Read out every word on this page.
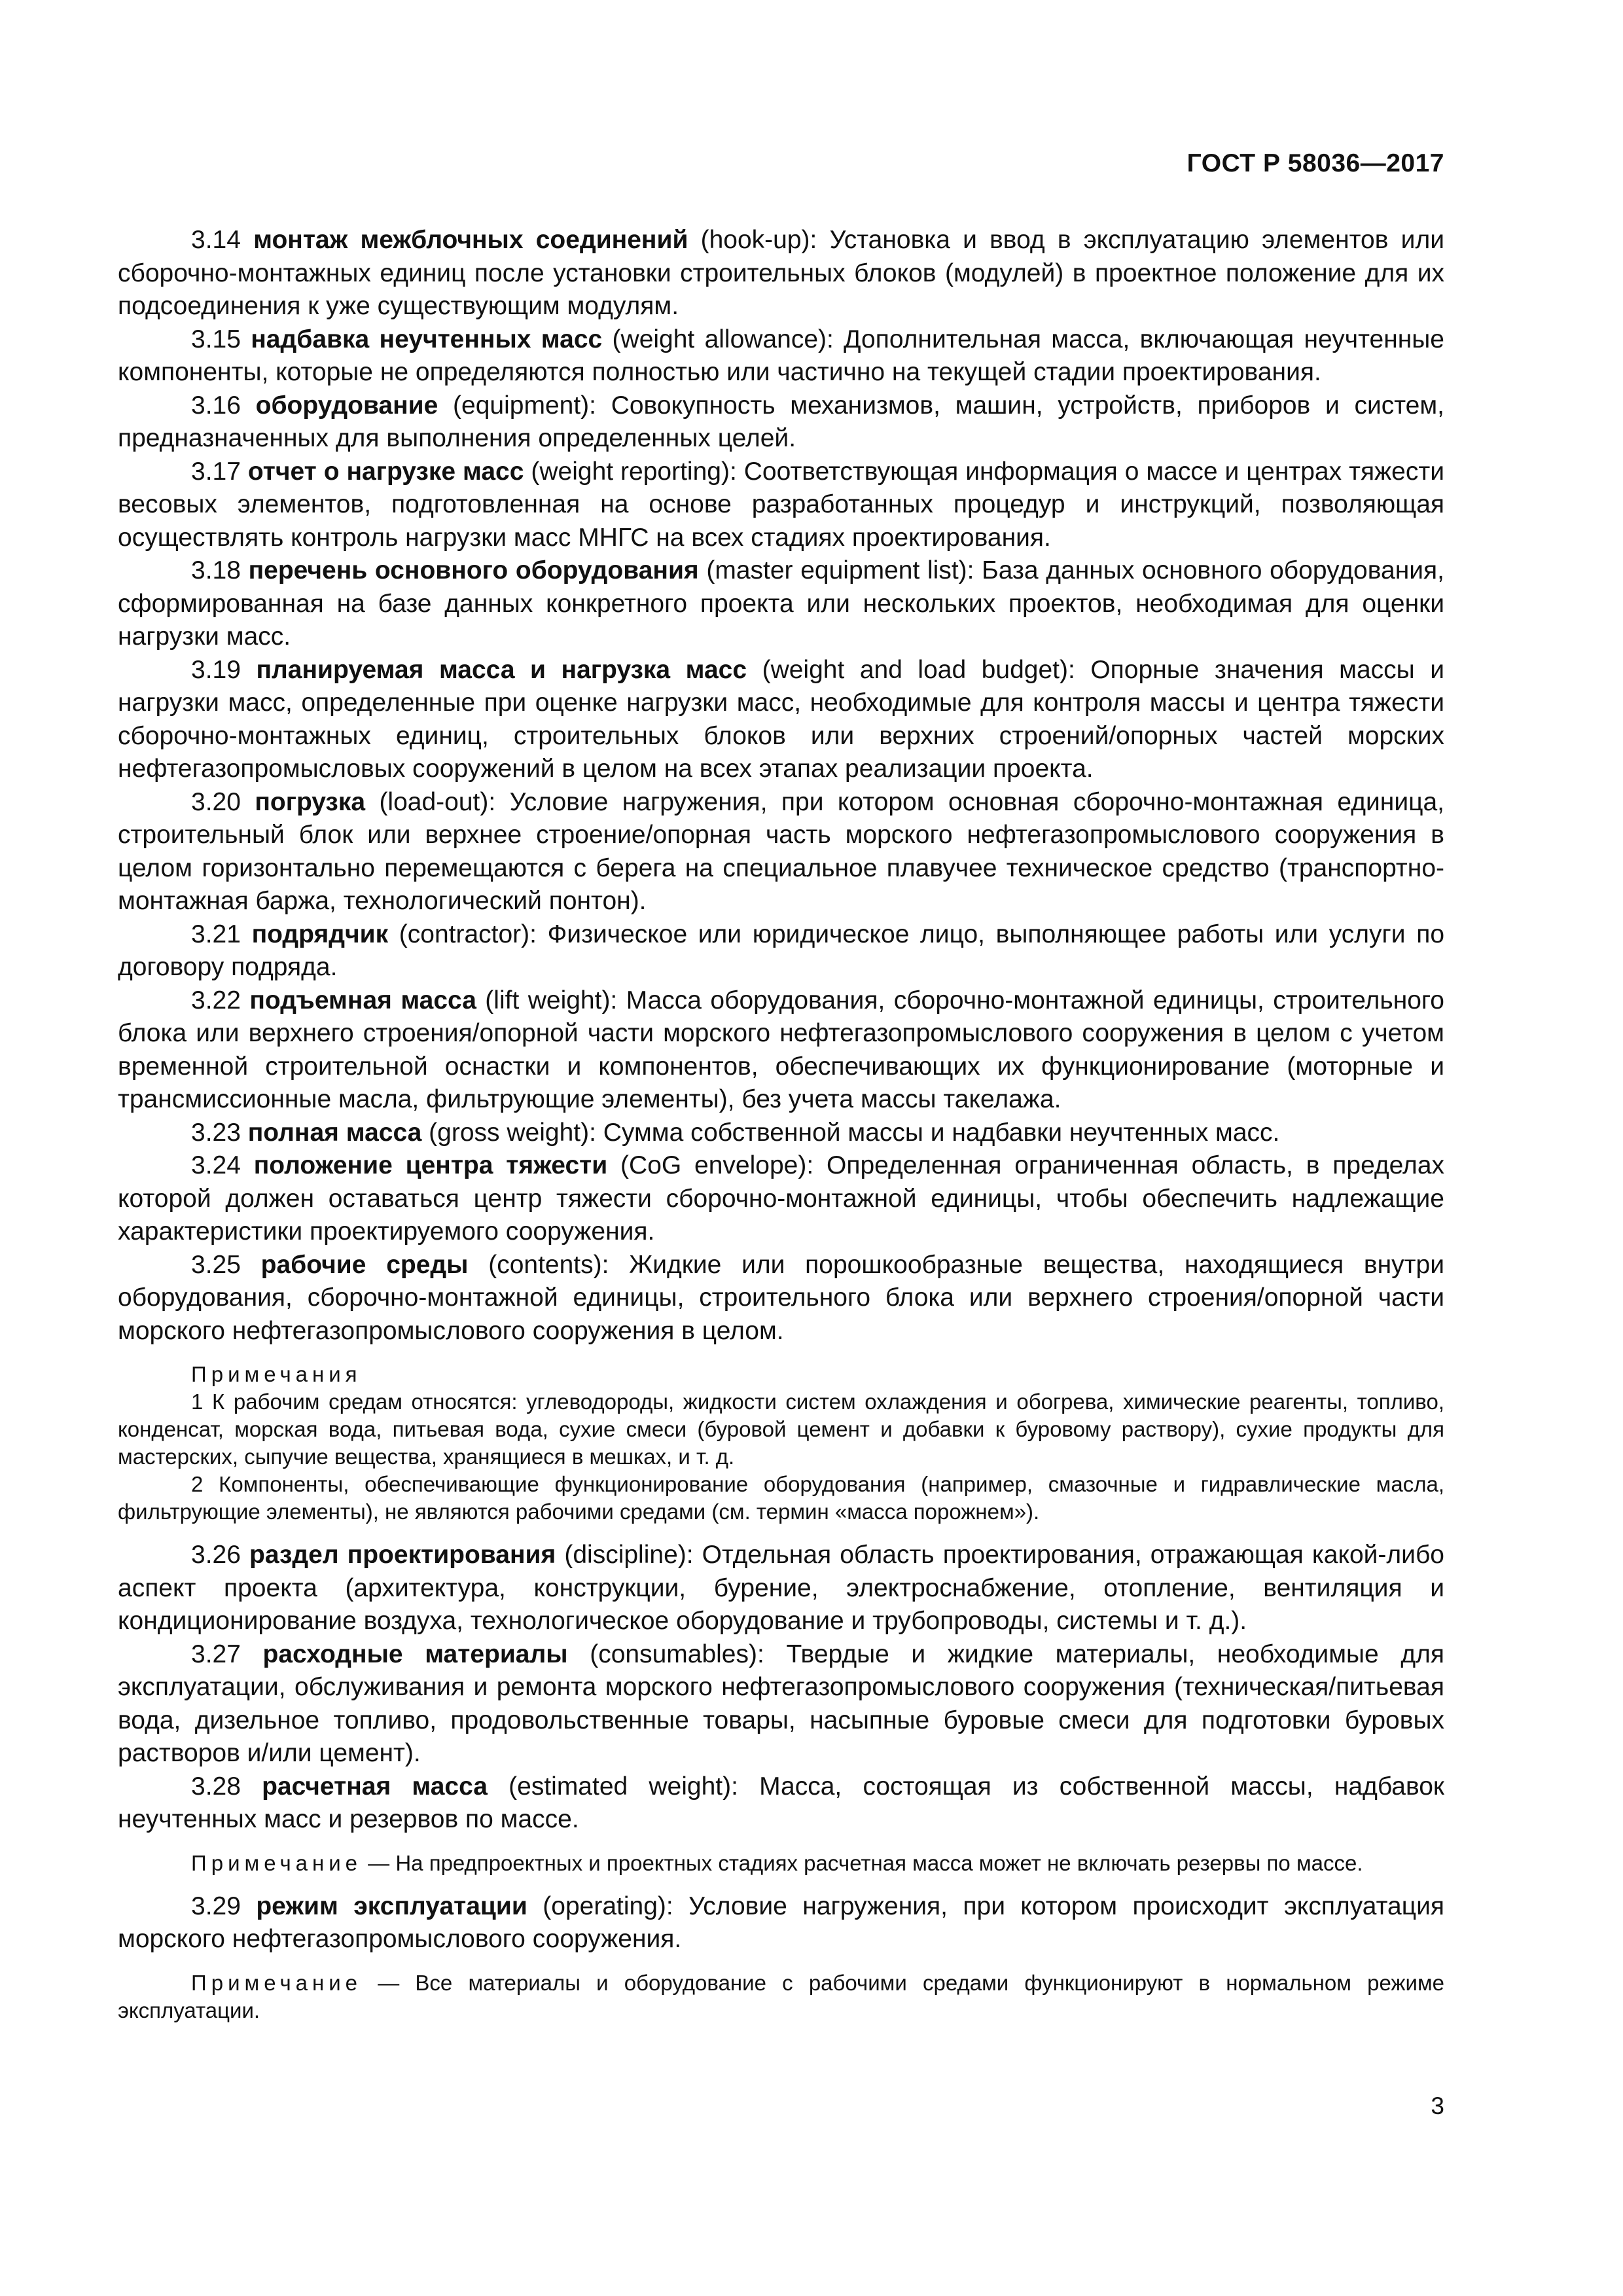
ГОСТ Р 58036—2017

3.14 монтаж межблочных соединений (hook-up): Установка и ввод в эксплуатацию элементов или сборочно-монтажных единиц после установки строительных блоков (модулей) в проектное положение для их подсоединения к уже существующим модулям.

3.15 надбавка неучтенных масс (weight allowance): Дополнительная масса, включающая неучтенные компоненты, которые не определяются полностью или частично на текущей стадии проектирования.

3.16 оборудование (equipment): Совокупность механизмов, машин, устройств, приборов и систем, предназначенных для выполнения определенных целей.

3.17 отчет о нагрузке масс (weight reporting): Соответствующая информация о массе и центрах тяжести весовых элементов, подготовленная на основе разработанных процедур и инструкций, позволяющая осуществлять контроль нагрузки масс МНГС на всех стадиях проектирования.

3.18 перечень основного оборудования (master equipment list): База данных основного оборудования, сформированная на базе данных конкретного проекта или нескольких проектов, необходимая для оценки нагрузки масс.

3.19 планируемая масса и нагрузка масс (weight and load budget): Опорные значения массы и нагрузки масс, определенные при оценке нагрузки масс, необходимые для контроля массы и центра тяжести сборочно-монтажных единиц, строительных блоков или верхних строений/опорных частей морских нефтегазопромысловых сооружений в целом на всех этапах реализации проекта.

3.20 погрузка (load-out): Условие нагружения, при котором основная сборочно-монтажная единица, строительный блок или верхнее строение/опорная часть морского нефтегазопромыслового сооружения в целом горизонтально перемещаются с берега на специальное плавучее техническое средство (транспортно-монтажная баржа, технологический понтон).

3.21 подрядчик (contractor): Физическое или юридическое лицо, выполняющее работы или услуги по договору подряда.

3.22 подъемная масса (lift weight): Масса оборудования, сборочно-монтажной единицы, строительного блока или верхнего строения/опорной части морского нефтегазопромыслового сооружения в целом с учетом временной строительной оснастки и компонентов, обеспечивающих их функционирование (моторные и трансмиссионные масла, фильтрующие элементы), без учета массы такелажа.

3.23 полная масса (gross weight): Сумма собственной массы и надбавки неучтенных масс.

3.24 положение центра тяжести (CoG envelope): Определенная ограниченная область, в пределах которой должен оставаться центр тяжести сборочно-монтажной единицы, чтобы обеспечить надлежащие характеристики проектируемого сооружения.

3.25 рабочие среды (contents): Жидкие или порошкообразные вещества, находящиеся внутри оборудования, сборочно-монтажной единицы, строительного блока или верхнего строения/опорной части морского нефтегазопромыслового сооружения в целом.

Примечания

1 К рабочим средам относятся: углеводороды, жидкости систем охлаждения и обогрева, химические реагенты, топливо, конденсат, морская вода, питьевая вода, сухие смеси (буровой цемент и добавки к буровому раствору), сухие продукты для мастерских, сыпучие вещества, хранящиеся в мешках, и т. д.

2 Компоненты, обеспечивающие функционирование оборудования (например, смазочные и гидравлические масла, фильтрующие элементы), не являются рабочими средами (см. термин «масса порожнем»).

3.26 раздел проектирования (discipline): Отдельная область проектирования, отражающая какой-либо аспект проекта (архитектура, конструкции, бурение, электроснабжение, отопление, вентиляция и кондиционирование воздуха, технологическое оборудование и трубопроводы, системы и т. д.).

3.27 расходные материалы (consumables): Твердые и жидкие материалы, необходимые для эксплуатации, обслуживания и ремонта морского нефтегазопромыслового сооружения (техническая/питьевая вода, дизельное топливо, продовольственные товары, насыпные буровые смеси для подготовки буровых растворов и/или цемент).

3.28 расчетная масса (estimated weight): Масса, состоящая из собственной массы, надбавок неучтенных масс и резервов по массе.

Примечание — На предпроектных и проектных стадиях расчетная масса может не включать резервы по массе.

3.29 режим эксплуатации (operating): Условие нагружения, при котором происходит эксплуатация морского нефтегазопромыслового сооружения.

Примечание — Все материалы и оборудование с рабочими средами функционируют в нормальном режиме эксплуатации.

3
